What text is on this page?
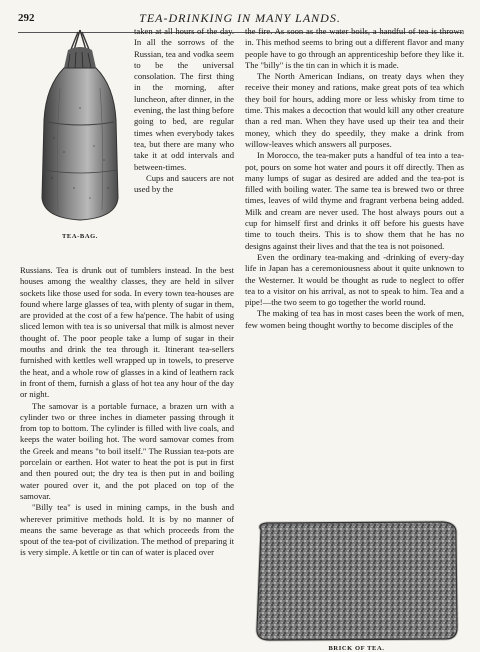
292	TEA-DRINKING IN MANY LANDS.
TEA-BAG.

taken at all hours of the day. In all the sorrows of the Russian, tea and vodka seem to be the universal consolation. The first thing in the morning, after luncheon, after dinner, in the evening, the last thing before going to bed, are regular times when everybody takes tea, but there are many who take it at odd intervals and between-times.

Cups and saucers are not used by the

Russians. Tea is drunk out of tumblers instead. In the best houses among the wealthy classes, they are held in silver sockets like those used for soda. In every town tea-houses are found where large glasses of tea, with plenty of sugar in them, are provided at the cost of a few ha'pence. The habit of using sliced lemon with tea is so universal that milk is almost never thought of. The poor people take a lump of sugar in their mouths and drink the tea through it. Itinerant tea-sellers furnished with kettles well wrapped up in towels, to preserve the heat, and a whole row of glasses in a kind of leathern rack in front of them, furnish a glass of hot tea any hour of the day or night.

The samovar is a portable furnace, a brazen urn with a cylinder two or three inches in diameter passing through it from top to bottom. The cylinder is filled with live coals, and keeps the water boiling hot. The word samovar comes from the Greek and means "to boil itself." The Russian tea-pots are porcelain or earthen. Hot water to heat the pot is put in first and then poured out; the dry tea is then put in and boiling water poured over it, and the pot placed on top of the samovar.

"Billy tea" is used in mining camps, in the bush and wherever primitive methods hold. It is by no manner of means the same beverage as that which proceeds from the spout of the tea-pot of civilization. The method of preparing it is very simple. A kettle or tin can of water is placed over

the fire. As soon as the water boils, a handful of tea is thrown in. This method seems to bring out a different flavor and many people have to go through an apprenticeship before they like it. The "billy" is the tin can in which it is made.

The North American Indians, on treaty days when they receive their money and rations, make great pots of tea which they boil for hours, adding more or less whisky from time to time. This makes a decoction that would kill any other creature than a red man. When they have used up their tea and their money, which they do speedily, they make a drink from willow-leaves which answers all purposes.

In Morocco, the tea-maker puts a handful of tea into a tea-pot, pours on some hot water and pours it off directly. Then as many lumps of sugar as desired are added and the tea-pot is filled with boiling water. The same tea is brewed two or three times, leaves of wild thyme and fragrant verbena being added. Milk and cream are never used. The host always pours out a cup for himself first and drinks it off before his guests have time to touch theirs. This is to show them that he has no designs against their lives and that the tea is not poisoned.

Even the ordinary tea-making and -drinking of every-day life in Japan has a ceremoniousness about it quite unknown to the Westerner. It would be thought as rude to neglect to offer tea to a visitor on his arrival, as not to speak to him. Tea and a pipe!—the two seem to go together the world round.

The making of tea has in most cases been the work of men, few women being thought worthy to become disciples of the

BRICK OF TEA.
